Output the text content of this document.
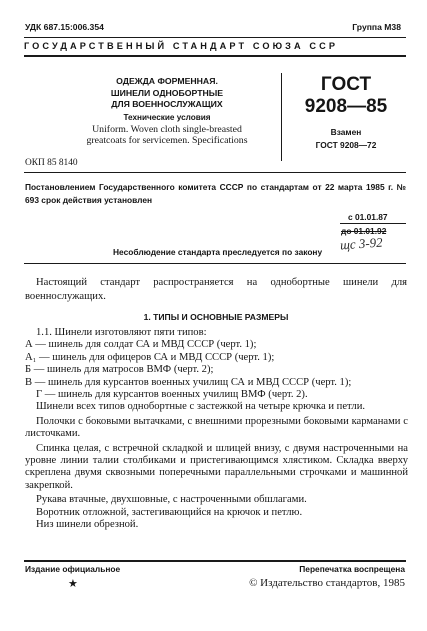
УДК 687.15:006.354	Группа М38
ГОСУДАРСТВЕННЫЙ СТАНДАРТ СОЮЗА ССР
ОДЕЖДА ФОРМЕННАЯ.
ШИНЕЛИ ОДНОБОРТНЫЕ
ДЛЯ ВОЕННОСЛУЖАЩИХ
Технические условия
Uniform. Woven cloth single-breasted
greatcoats for servicemen. Specifications
ГОСТ
9208—85
Взамен
ГОСТ 9208—72
ОКП 85 8140
Постановлением Государственного комитета СССР по стандартам от 22 марта 1985 г. № 693 срок действия установлен
с 01.01.87
до 01.01.92
щс 3-92
Несоблюдение стандарта преследуется по закону
Настоящий стандарт распространяется на однобортные шинели для военнослужащих.
1. ТИПЫ И ОСНОВНЫЕ РАЗМЕРЫ
1.1. Шинели изготовляют пяти типов:
А — шинель для солдат СА и МВД СССР (черт. 1);
А₁ — шинель для офицеров СА и МВД СССР (черт. 1);
Б — шинель для матросов ВМФ (черт. 2);
В — шинель для курсантов военных училищ СА и МВД СССР (черт. 1);
Г — шинель для курсантов военных училищ ВМФ (черт. 2).
Шинели всех типов однобортные с застежкой на четыре крючка и петли.
Полочки с боковыми вытачками, с внешними прорезными боковыми карманами с листочками.
Спинка целая, с встречной складкой и шлицей внизу, с двумя настроченными на уровне линии талии столбиками и пристегивающимся хлястиком. Складка вверху скреплена двумя сквозными поперечными параллельными строчками и машинной закрепкой.
Рукава втачные, двухшовные, с настроченными обшлагами.
Воротник отложной, застегивающийся на крючок и петлю.
Низ шинели обрезной.
Издание официальное	Перепечатка воспрещена
★	© Издательство стандартов, 1985
